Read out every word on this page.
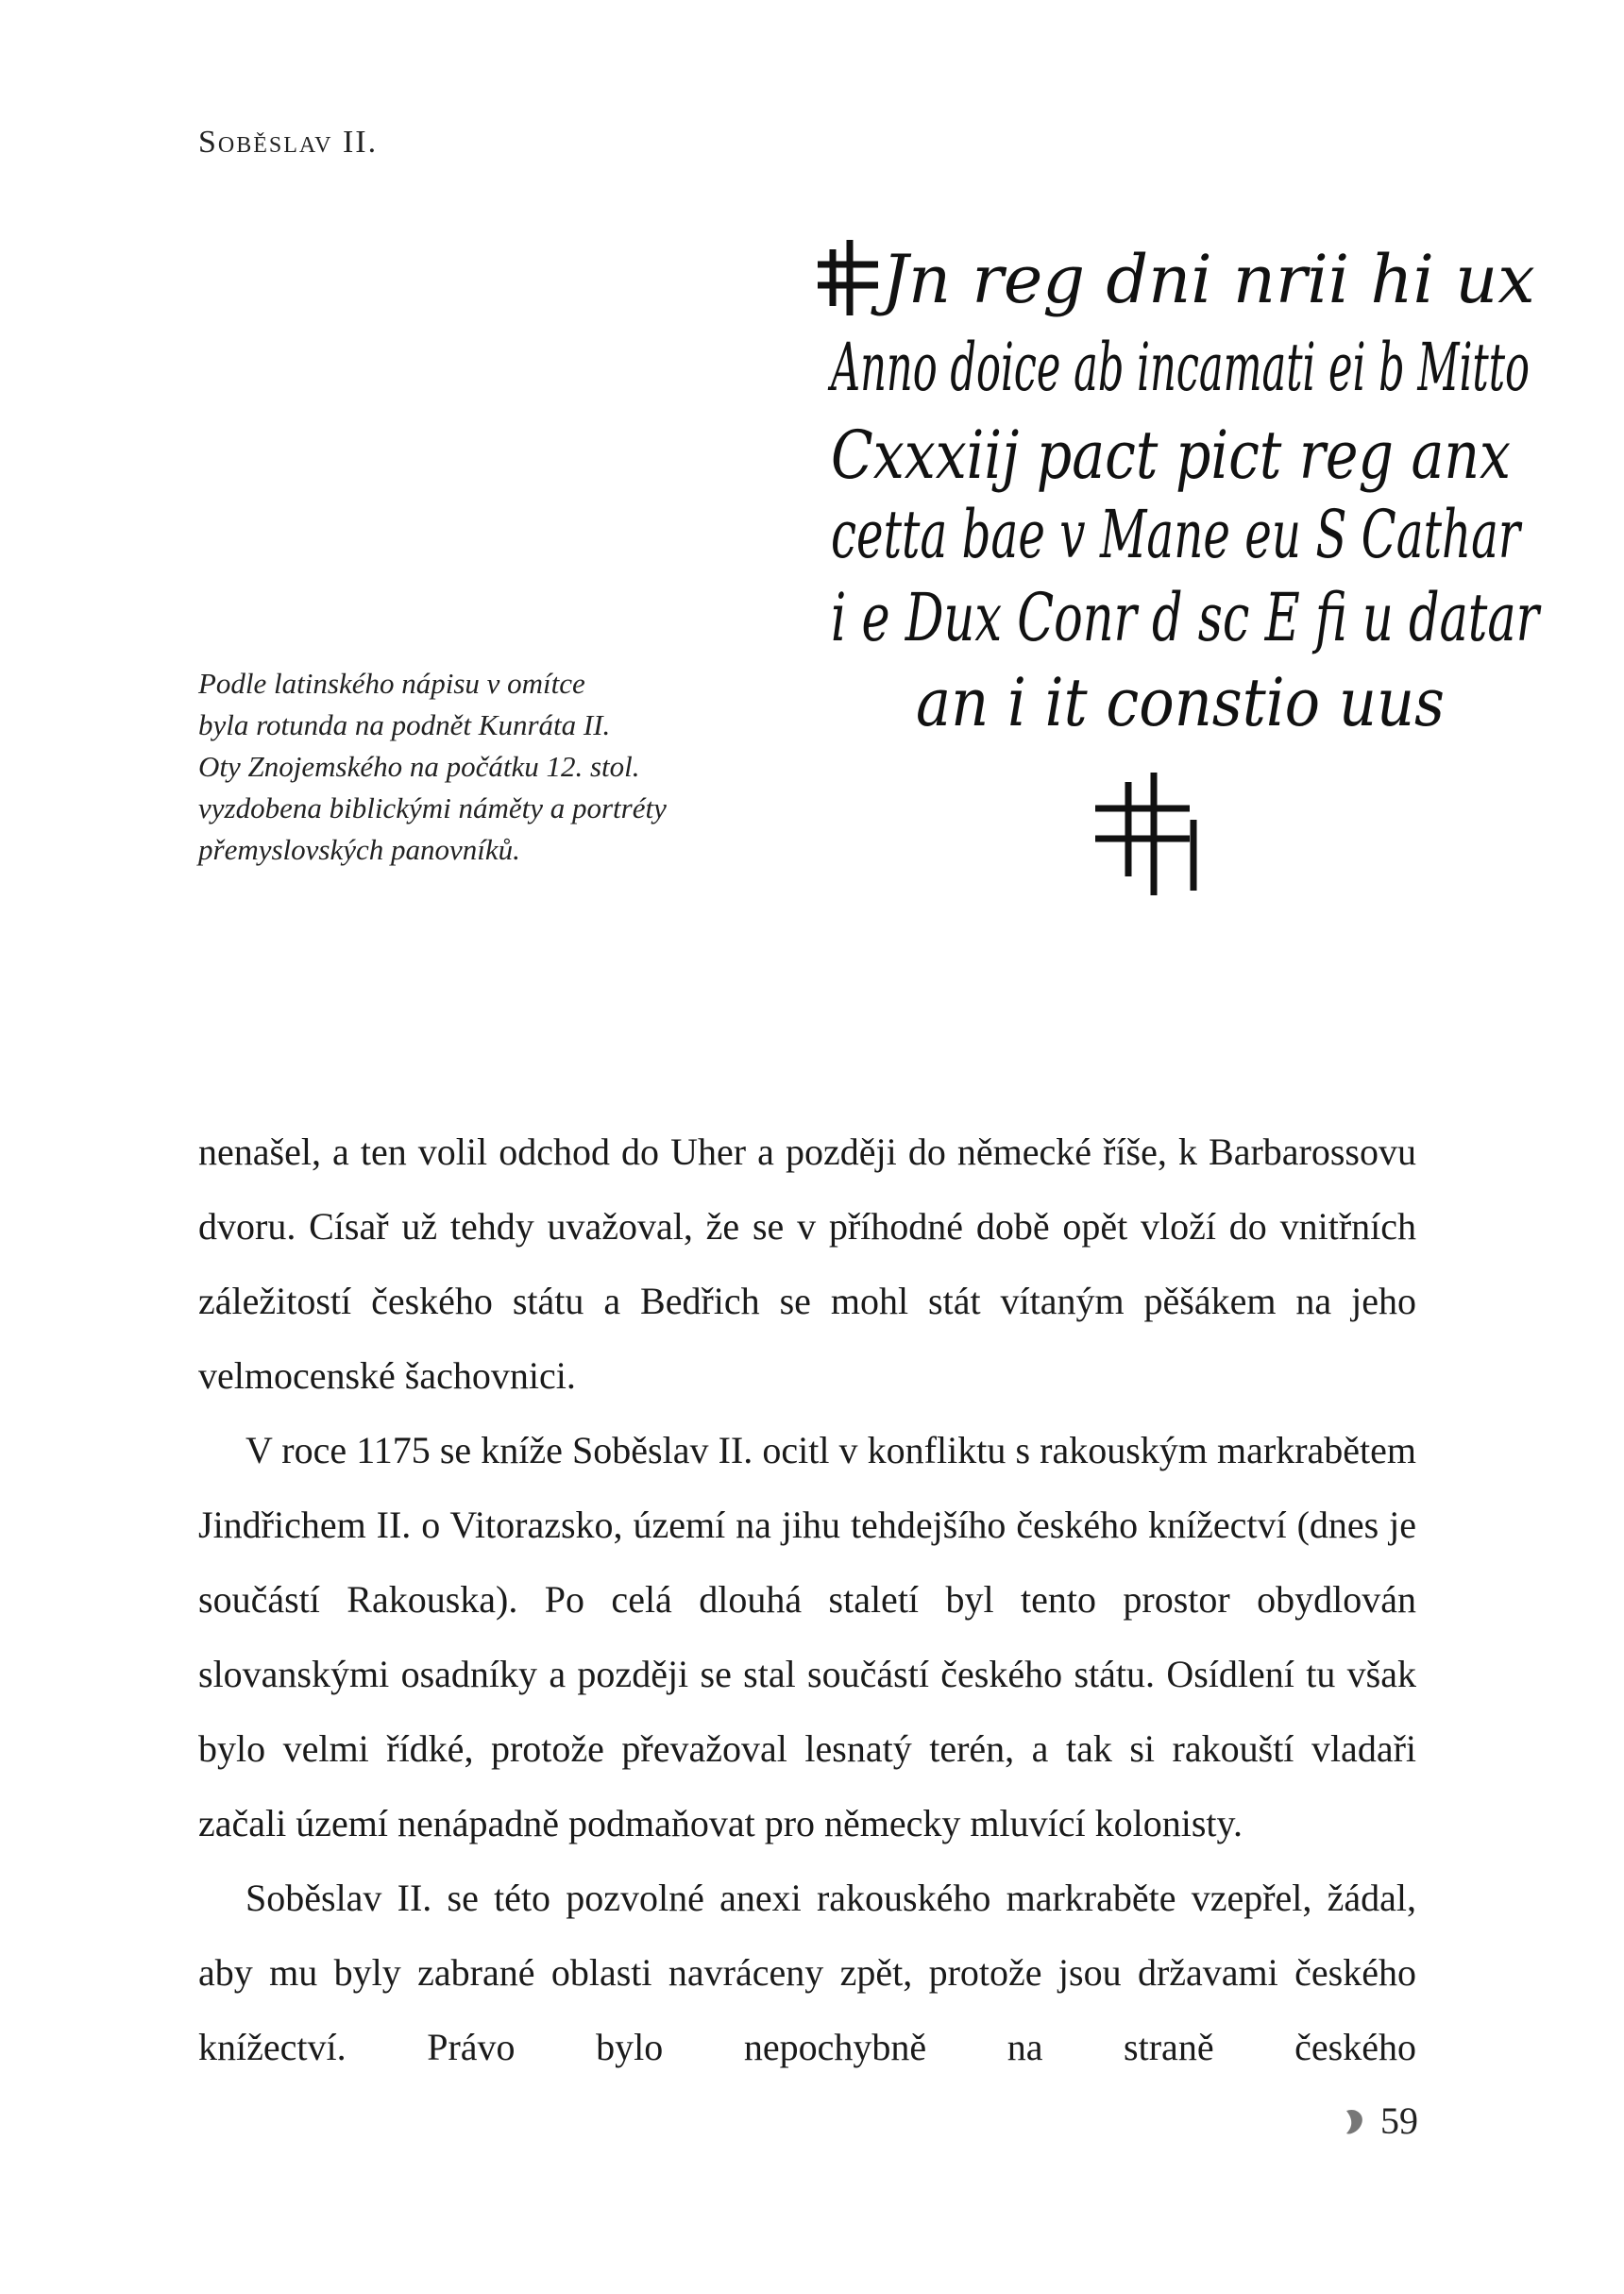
Soběslav II.
Jn reg dni nrii hi ux
Anno doice ab incamati ei b Mitto
Cxxxiij pact pict reg anx
cetta bae v Mane eu S Cathar
i e Dux Conr d sc E fi u datar
an i it constio uus
Podle latinského nápisu v omítce
byla rotunda na podnět Kunráta II.
Oty Znojemského na počátku 12. stol.
vyzdobena biblickými náměty a portréty
přemyslovských panovníků.

nenašel, a ten volil odchod do Uher a později do německé říše, k Barbarossovu dvoru. Císař už tehdy uvažoval, že se v příhodné době opět vloží do vnitřních záležitostí českého státu a Bedřich se mohl stát vítaným pěšákem na jeho velmocenské šachovnici.

V roce 1175 se kníže Soběslav II. ocitl v konfliktu s rakouským markrabětem Jindřichem II. o Vitorazsko, území na jihu tehdejšího českého knížectví (dnes je součástí Rakouska). Po celá dlouhá staletí byl tento prostor obydlován slovanskými osadníky a později se stal součástí českého státu. Osídlení tu však bylo velmi řídké, protože převažoval lesnatý terén, a tak si rakouští vladaři začali území nenápadně podmaňovat pro německy mluvící kolonisty.

Soběslav II. se této pozvolné anexi rakouského markraběte vzepřel, žádal, aby mu byly zabrané oblasti navráceny zpět, protože jsou državami českého knížectví. Právo bylo nepochybně na straně českého

59
